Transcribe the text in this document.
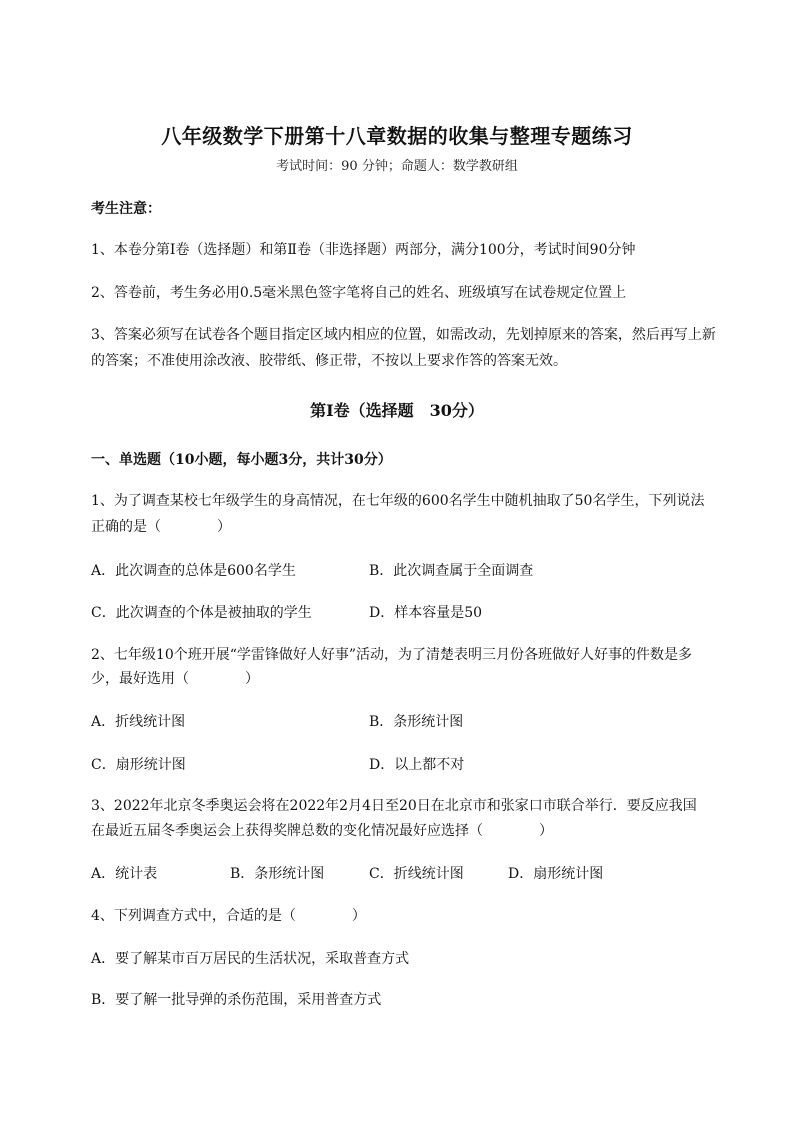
八年级数学下册第十八章数据的收集与整理专题练习
考试时间：90 分钟；命题人：数学教研组
考生注意：
1、本卷分第I卷（选择题）和第Ⅱ卷（非选择题）两部分，满分100分，考试时间90分钟
2、答卷前，考生务必用0.5毫米黑色签字笔将自己的姓名、班级填写在试卷规定位置上
3、答案必须写在试卷各个题目指定区域内相应的位置，如需改动，先划掉原来的答案，然后再写上新
的答案；不准使用涂改液、胶带纸、修正带，不按以上要求作答的答案无效。
第I卷（选择题　30分）
一、单选题（10小题，每小题3分，共计30分）
1、为了调查某校七年级学生的身高情况，在七年级的600名学生中随机抽取了50名学生，下列说法
正确的是（	）
A．此次调查的总体是600名学生	B．此次调查属于全面调查
C．此次调查的个体是被抽取的学生	D．样本容量是50
2、七年级10个班开展“学雷锋做好人好事”活动，为了清楚表明三月份各班做好人好事的件数是多
少，最好选用（	）
A．折线统计图	B．条形统计图
C．扇形统计图	D．以上都不对
3、2022年北京冬季奥运会将在2022年2月4日至20日在北京市和张家口市联合举行．要反应我国
在最近五届冬季奥运会上获得奖牌总数的变化情况最好应选择（	）
A．统计表	B．条形统计图	C．折线统计图	D．扇形统计图
4、下列调查方式中，合适的是（	）
A．要了解某市百万居民的生活状况，采取普查方式
B．要了解一批导弹的杀伤范围，采用普查方式
